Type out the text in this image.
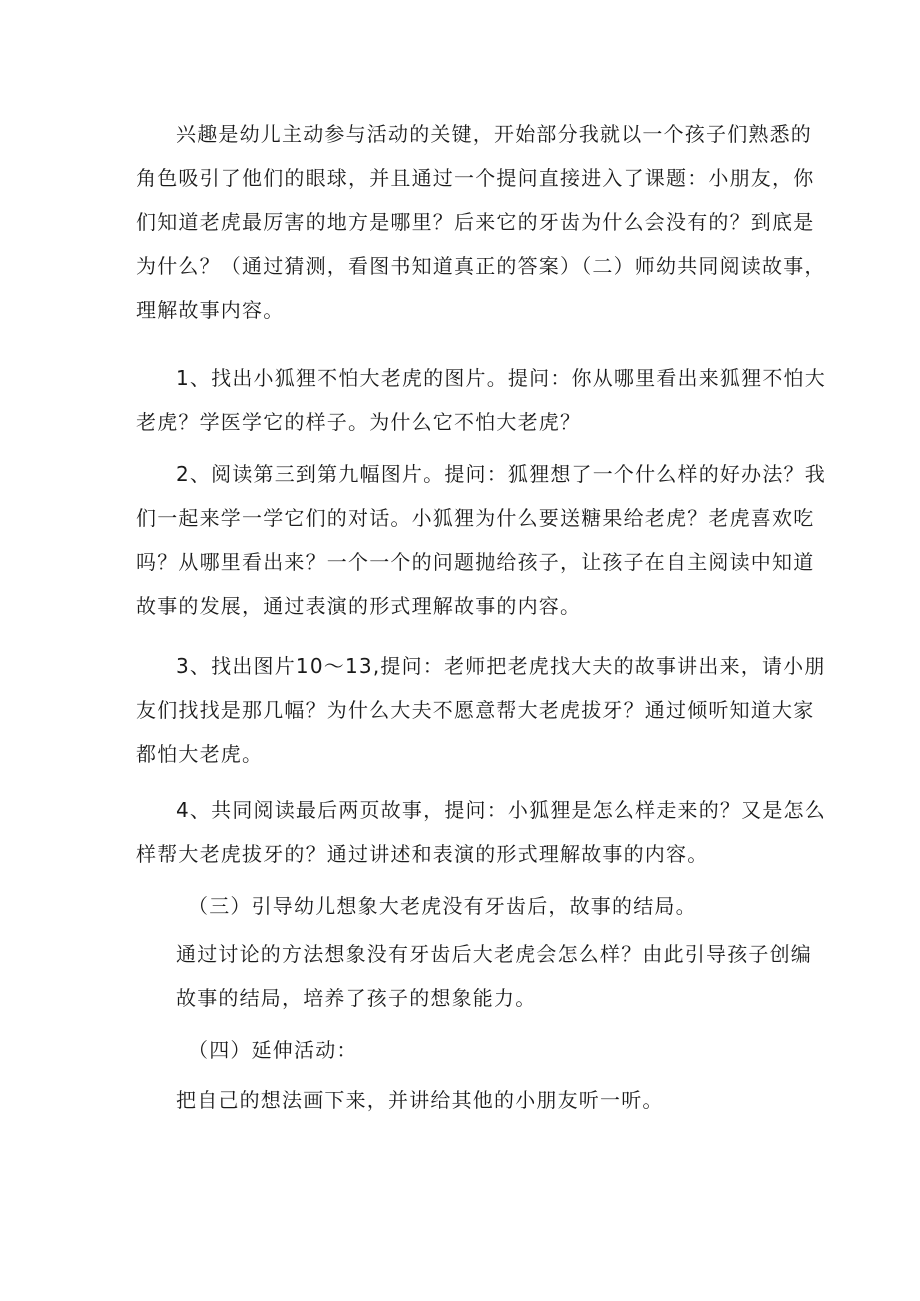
兴趣是幼儿主动参与活动的关键，开始部分我就以一个孩子们熟悉的
角色吸引了他们的眼球，并且通过一个提问直接进入了课题：小朋友，你
们知道老虎最厉害的地方是哪里？后来它的牙齿为什么会没有的？到底是
为什么？（通过猜测，看图书知道真正的答案）（二）师幼共同阅读故事，
理解故事内容。
1、找出小狐狸不怕大老虎的图片。提问：你从哪里看出来狐狸不怕大
老虎？学医学它的样子。为什么它不怕大老虎？
2、阅读第三到第九幅图片。提问：狐狸想了一个什么样的好办法？我
们一起来学一学它们的对话。小狐狸为什么要送糖果给老虎？老虎喜欢吃
吗？从哪里看出来？一个一个的问题抛给孩子，让孩子在自主阅读中知道
故事的发展，通过表演的形式理解故事的内容。
3、找出图片10～13,提问：老师把老虎找大夫的故事讲出来，请小朋
友们找找是那几幅？为什么大夫不愿意帮大老虎拔牙？通过倾听知道大家
都怕大老虎。
4、共同阅读最后两页故事，提问：小狐狸是怎么样走来的？又是怎么
样帮大老虎拔牙的？通过讲述和表演的形式理解故事的内容。
（三）引导幼儿想象大老虎没有牙齿后，故事的结局。
通过讨论的方法想象没有牙齿后大老虎会怎么样？由此引导孩子创编
故事的结局，培养了孩子的想象能力。
（四）延伸活动：
把自己的想法画下来，并讲给其他的小朋友听一听。
